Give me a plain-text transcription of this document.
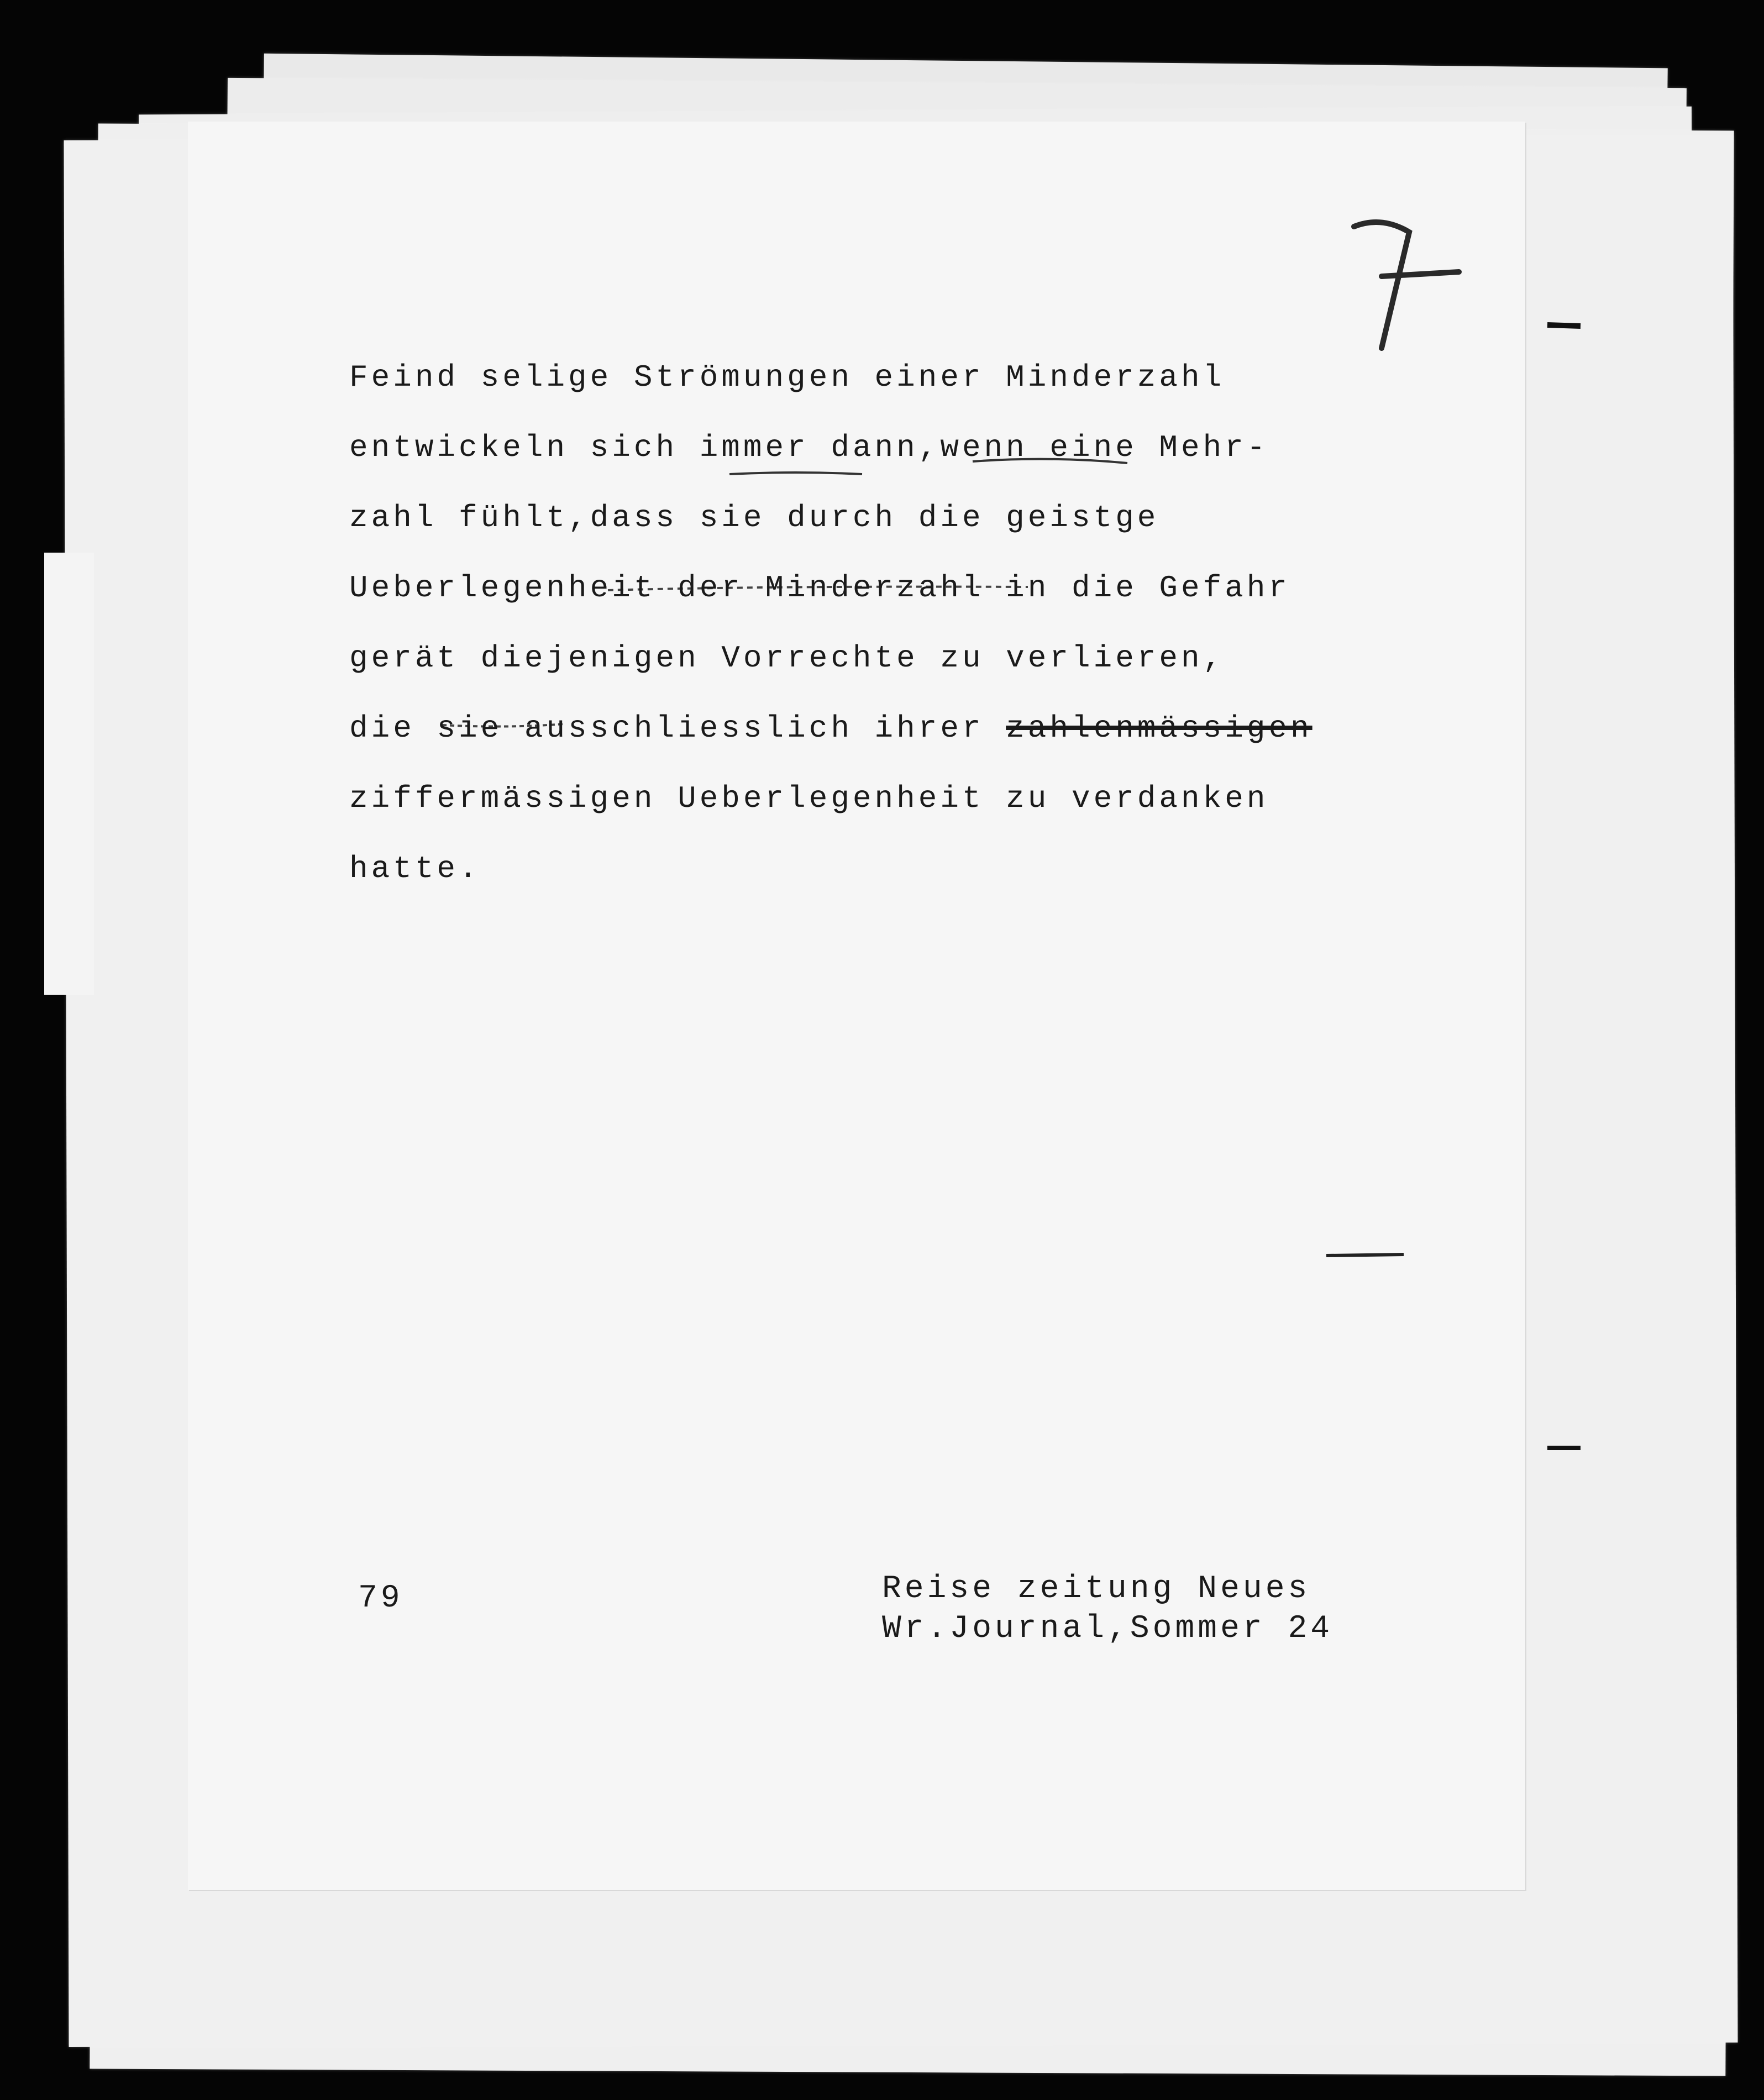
Feind selige Strömungen einer Minderzahl
entwickeln sich immer dann,wenn eine Mehr-
zahl fühlt,dass sie durch die geistge
Ueberlegenheit der Minderzahl in die Gefahr
gerät diejenigen Vorrechte zu verlieren,
die sie ausschliesslich ihrer zahlenmässigen
ziffermässigen Ueberlegenheit zu verdanken
hatte.
79	Reise zeitung Neues
Wr.Journal,Sommer 24
